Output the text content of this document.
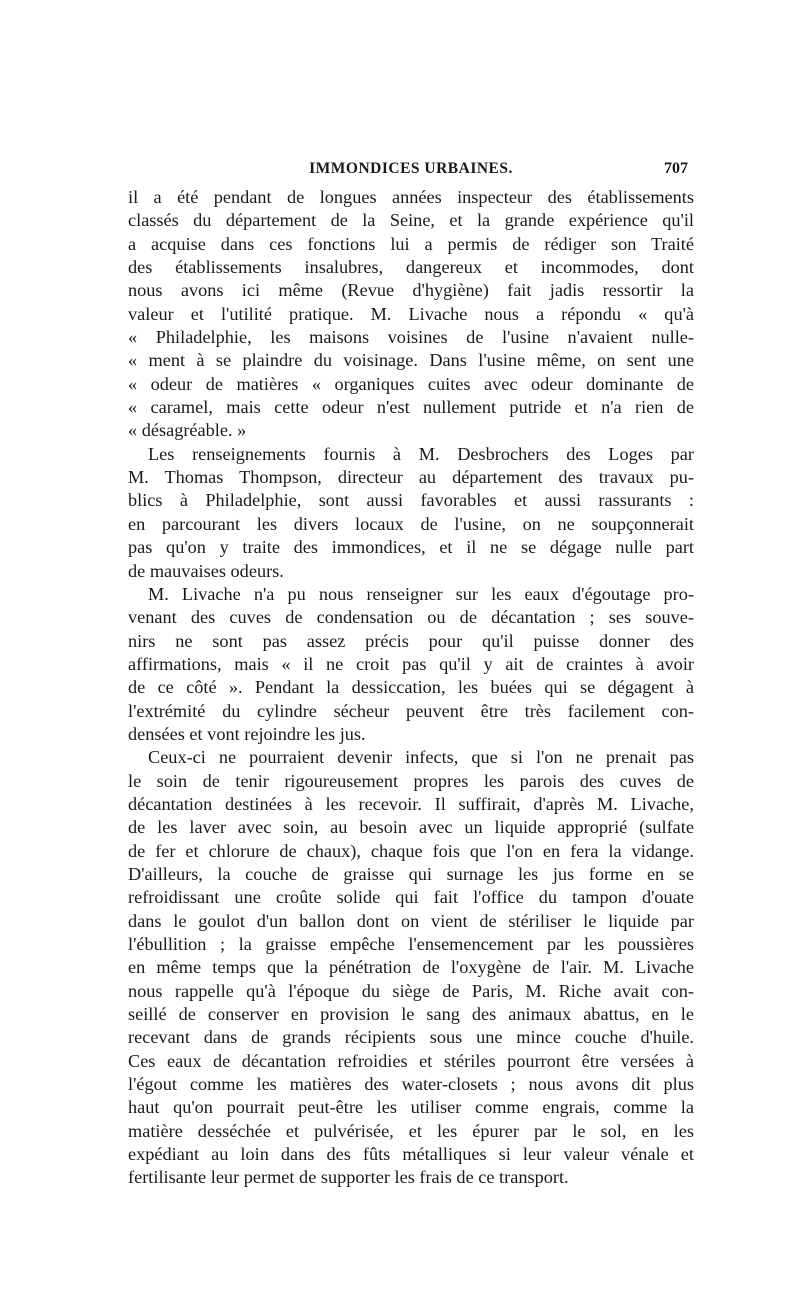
IMMONDICES URBAINES.	707
il a été pendant de longues années inspecteur des établissements
classés du département de la Seine, et la grande expérience qu'il
a acquise dans ces fonctions lui a permis de rédiger son Traité
des établissements insalubres, dangereux et incommodes, dont
nous avons ici même (Revue d'hygiène) fait jadis ressortir la
valeur et l'utilité pratique. M. Livache nous a répondu « qu'à
« Philadelphie, les maisons voisines de l'usine n'avaient nulle-
« ment à se plaindre du voisinage. Dans l'usine même, on sent une
« odeur de matières « organiques cuites avec odeur dominante de
« caramel, mais cette odeur n'est nullement putride et n'a rien de
« désagréable. »
Les renseignements fournis à M. Desbrochers des Loges par
M. Thomas Thompson, directeur au département des travaux pu-
blics à Philadelphie, sont aussi favorables et aussi rassurants :
en parcourant les divers locaux de l'usine, on ne soupçonnerait
pas qu'on y traite des immondices, et il ne se dégage nulle part
de mauvaises odeurs.
M. Livache n'a pu nous renseigner sur les eaux d'égoutage pro-
venant des cuves de condensation ou de décantation ; ses souve-
nirs ne sont pas assez précis pour qu'il puisse donner des
affirmations, mais « il ne croit pas qu'il y ait de craintes à avoir
de ce côté ». Pendant la dessiccation, les buées qui se dégagent à
l'extrémité du cylindre sécheur peuvent être très facilement con-
densées et vont rejoindre les jus.
Ceux-ci ne pourraient devenir infects, que si l'on ne prenait pas
le soin de tenir rigoureusement propres les parois des cuves de
décantation destinées à les recevoir. Il suffirait, d'après M. Livache,
de les laver avec soin, au besoin avec un liquide approprié (sulfate
de fer et chlorure de chaux), chaque fois que l'on en fera la vidange.
D'ailleurs, la couche de graisse qui surnage les jus forme en se
refroidissant une croûte solide qui fait l'office du tampon d'ouate
dans le goulot d'un ballon dont on vient de stériliser le liquide par
l'ébullition ; la graisse empêche l'ensemencement par les poussières
en même temps que la pénétration de l'oxygène de l'air. M. Livache
nous rappelle qu'à l'époque du siège de Paris, M. Riche avait con-
seillé de conserver en provision le sang des animaux abattus, en le
recevant dans de grands récipients sous une mince couche d'huile.
Ces eaux de décantation refroidies et stériles pourront être versées à
l'égout comme les matières des water-closets ; nous avons dit plus
haut qu'on pourrait peut-être les utiliser comme engrais, comme la
matière desséchée et pulvérisée, et les épurer par le sol, en les
expédiant au loin dans des fûts métalliques si leur valeur vénale et
fertilisante leur permet de supporter les frais de ce transport.
